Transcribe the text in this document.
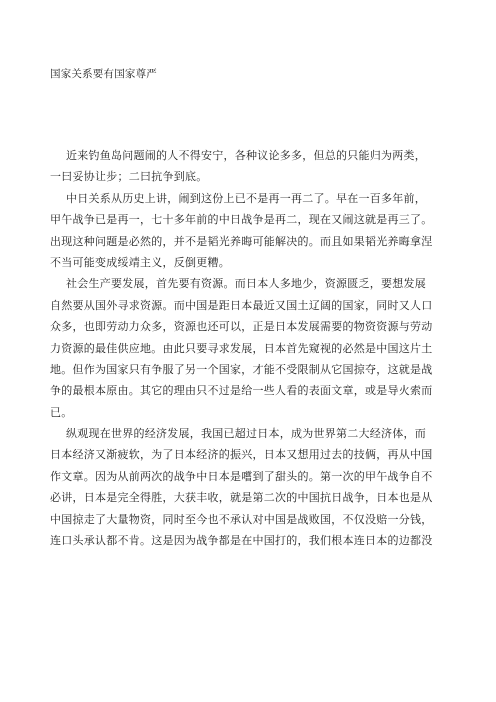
国家关系要有国家尊严
近来钓鱼岛问题闹的人不得安宁，各种议论多多，但总的只能归为两类，
一曰妥协让步；二曰抗争到底。
中日关系从历史上讲，闹到这份上已不是再一再二了。早在一百多年前，
甲午战争已是再一，七十多年前的中日战争是再二，现在又闹这就是再三了。
出现这种问题是必然的，并不是韬光养晦可能解决的。而且如果韬光养晦拿涅
不当可能变成绥靖主义，反倒更糟。
社会生产要发展，首先要有资源。而日本人多地少，资源匮乏，要想发展
自然要从国外寻求资源。而中国是距日本最近又国土辽阔的国家，同时又人口
众多，也即劳动力众多，资源也还可以，正是日本发展需要的物资资源与劳动
力资源的最佳供应地。由此只要寻求发展，日本首先窥视的必然是中国这片土
地。但作为国家只有争服了另一个国家，才能不受限制从它国掠夺，这就是战
争的最根本原由。其它的理由只不过是给一些人看的表面文章，或是导火索而
已。
纵观现在世界的经济发展，我国已超过日本，成为世界第二大经济体，而
日本经济又渐疲软，为了日本经济的振兴，日本又想用过去的技俩，再从中国
作文章。因为从前两次的战争中日本是嚐到了甜头的。第一次的甲午战争自不
必讲，日本是完全得胜，大获丰收，就是第二次的中国抗日战争，日本也是从
中国掠走了大量物资，同时至今也不承认对中国是战败国，不仅没赔一分钱，
连口头承认都不肯。这是因为战争都是在中国打的，我们根本连日本的边都没
